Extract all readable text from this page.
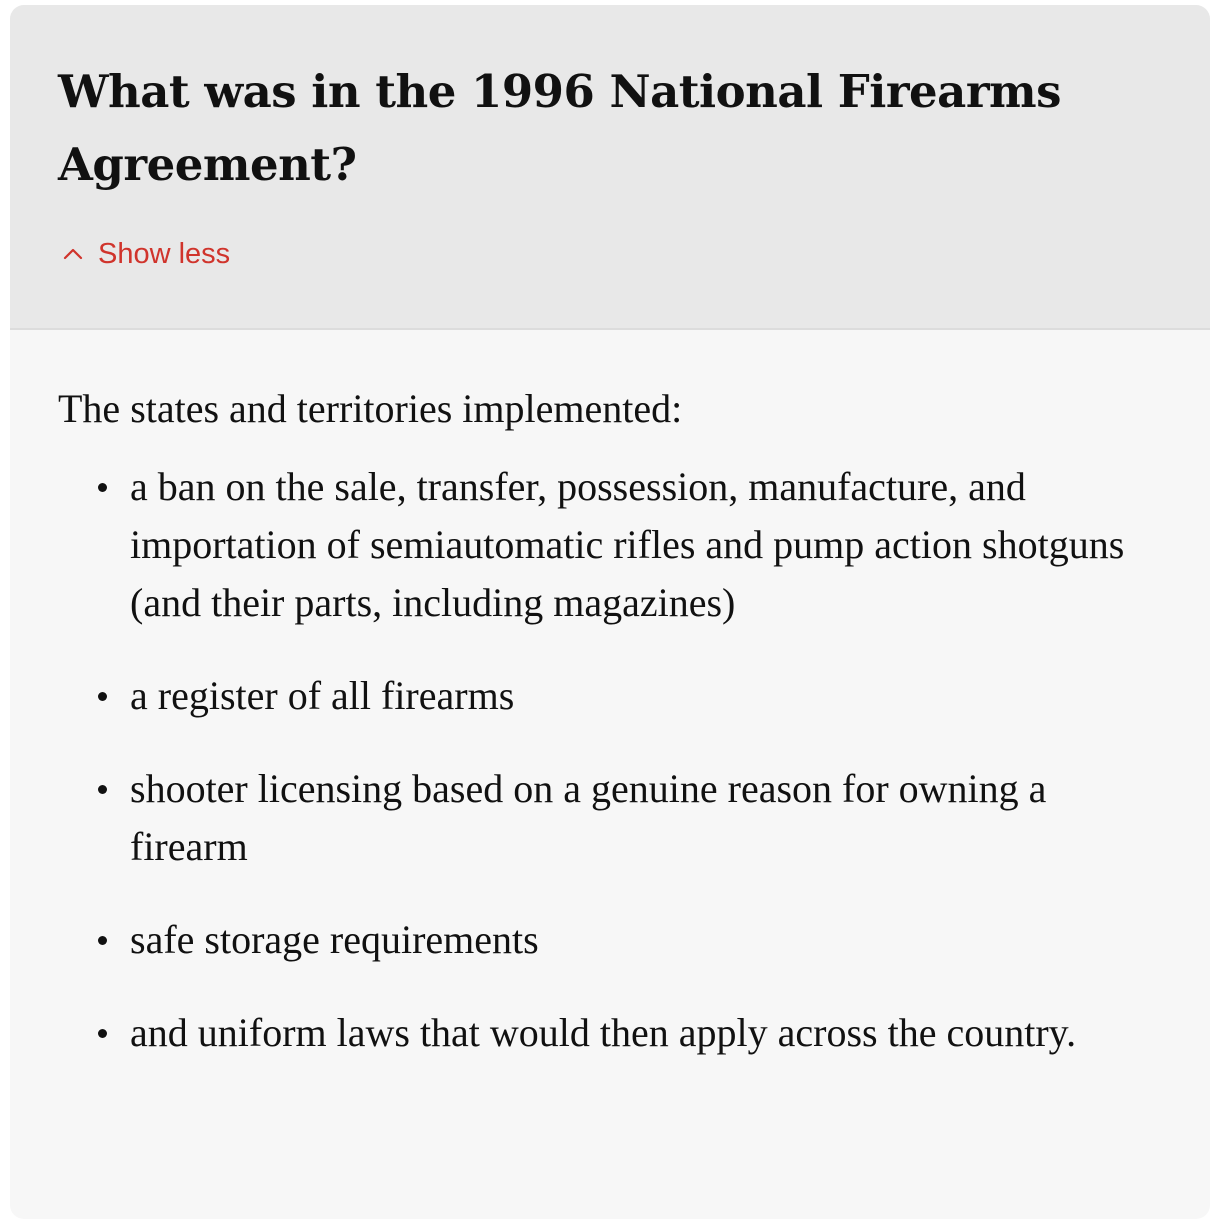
What was in the 1996 National Firearms Agreement?
Show less

The states and territories implemented:

a ban on the sale, transfer, possession, manufacture, and importation of semiautomatic rifles and pump action shotguns (and their parts, including magazines)
a register of all firearms
shooter licensing based on a genuine reason for owning a firearm
safe storage requirements
and uniform laws that would then apply across the country.
